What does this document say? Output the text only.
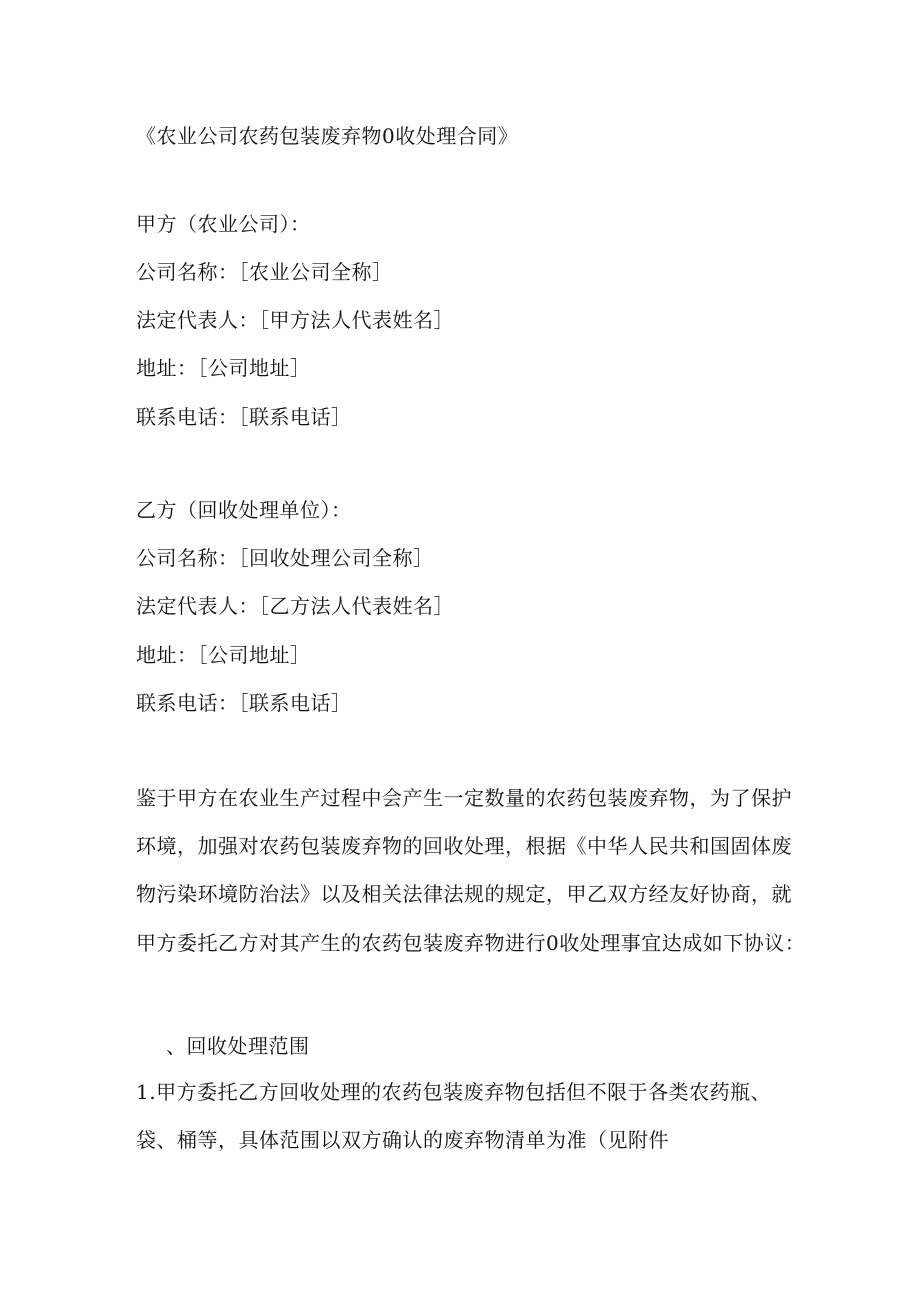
《农业公司农药包装废弃物0收处理合同》
甲方（农业公司）：
公司名称：［农业公司全称］
法定代表人：［甲方法人代表姓名］
地址：［公司地址］
联系电话：［联系电话］
乙方（回收处理单位）：
公司名称：［回收处理公司全称］
法定代表人：［乙方法人代表姓名］
地址：［公司地址］
联系电话：［联系电话］
鉴于甲方在农业生产过程中会产生一定数量的农药包装废弃物，为了保护
环境，加强对农药包装废弃物的回收处理，根据《中华人民共和国固体废
物污染环境防治法》以及相关法律法规的规定，甲乙双方经友好协商，就
甲方委托乙方对其产生的农药包装废弃物进行0收处理事宜达成如下协议：
、回收处理范围
1.甲方委托乙方回收处理的农药包装废弃物包括但不限于各类农药瓶、
袋、桶等，具体范围以双方确认的废弃物清单为准（见附件
